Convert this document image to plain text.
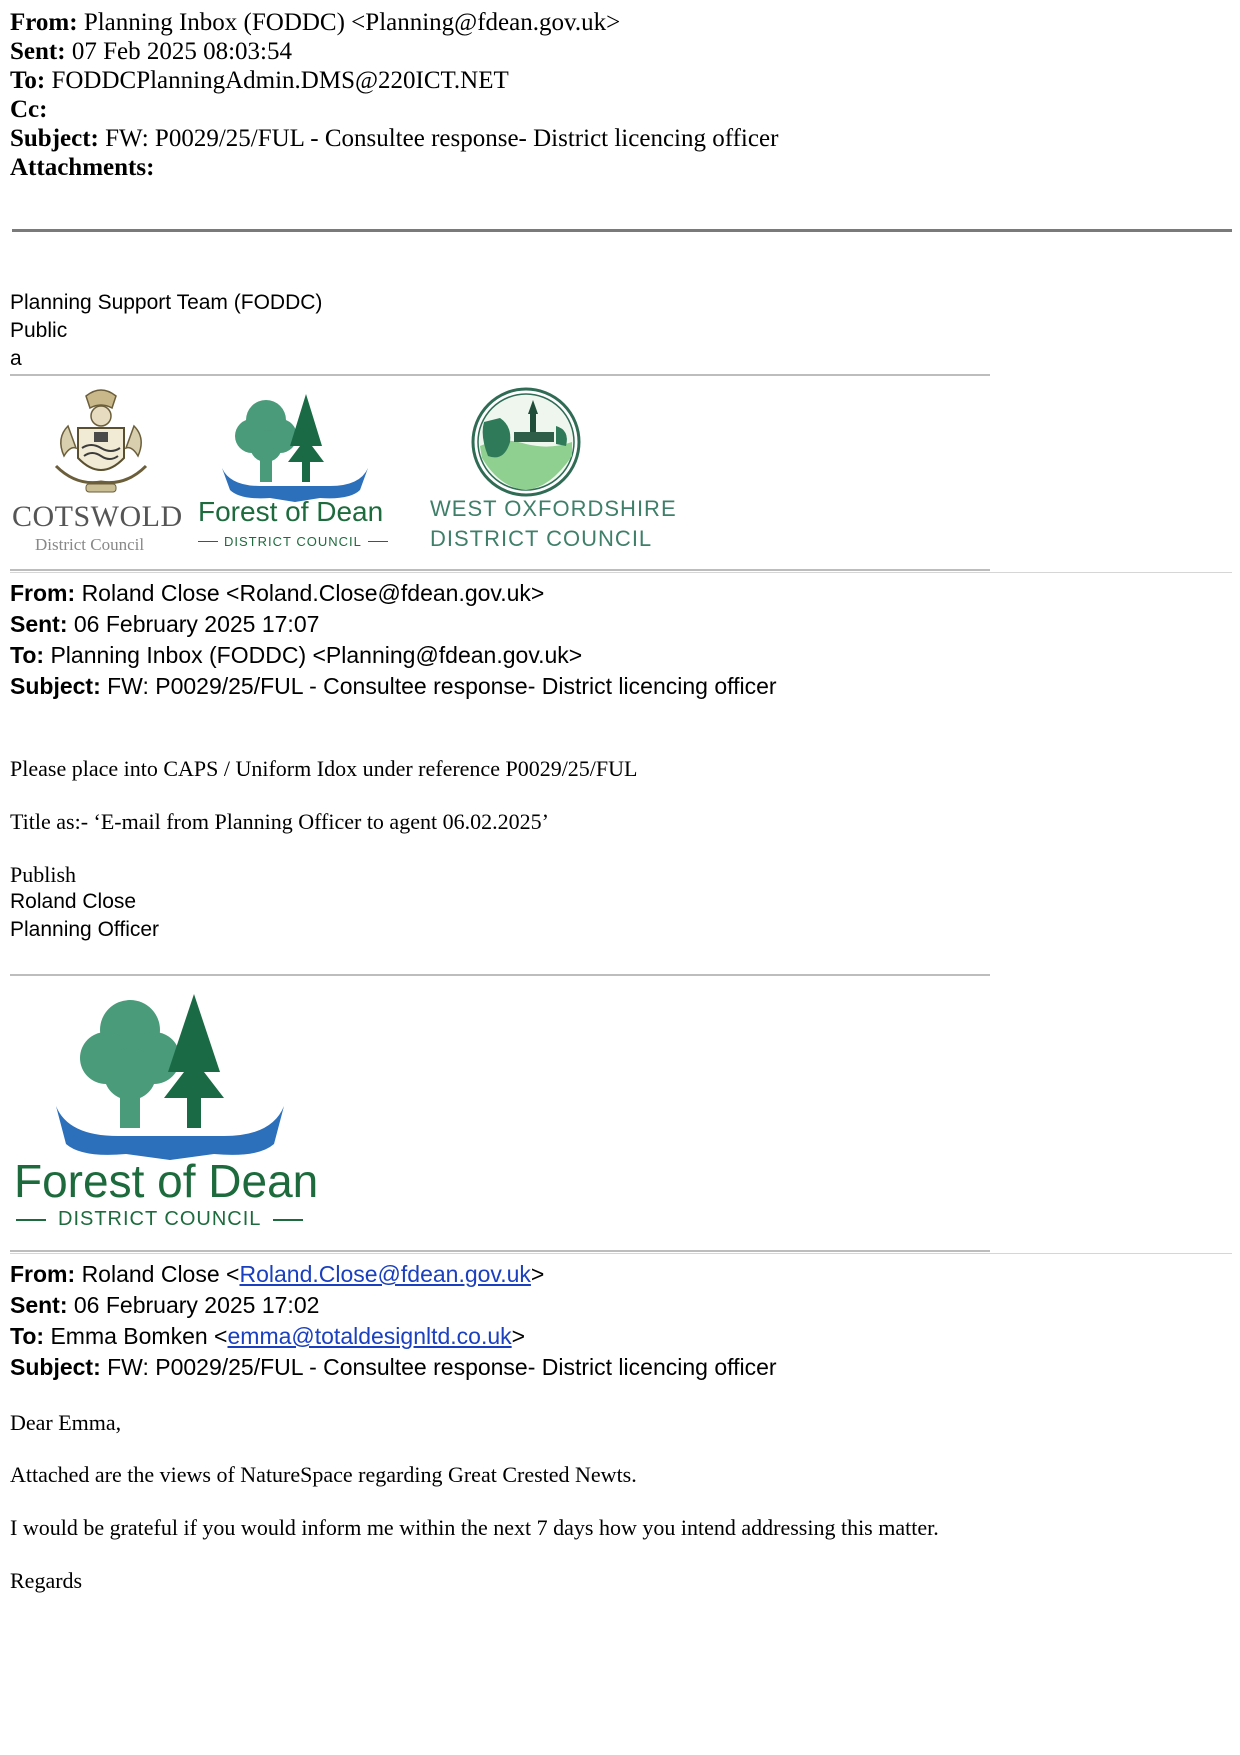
From: Planning Inbox (FODDC) <Planning@fdean.gov.uk>
Sent: 07 Feb 2025 08:03:54
To: FODDCPlanningAdmin.DMS@220ICT.NET
Cc:
Subject: FW: P0029/25/FUL - Consultee response- District licencing officer
Attachments:
Planning Support Team (FODDC)
Public
a
COTSWOLD
District Council
Forest of Dean
DISTRICT COUNCIL
WEST OXFORDSHIRE
DISTRICT COUNCIL
From: Roland Close <Roland.Close@fdean.gov.uk>
Sent: 06 February 2025 17:07
To: Planning Inbox (FODDC) <Planning@fdean.gov.uk>
Subject: FW: P0029/25/FUL - Consultee response- District licencing officer
Please place into CAPS / Uniform Idox under reference P0029/25/FUL
Title as:- ‘E-mail from Planning Officer to agent 06.02.2025’
Publish
Roland Close
Planning Officer
Forest of Dean
DISTRICT COUNCIL
From: Roland Close <Roland.Close@fdean.gov.uk>
Sent: 06 February 2025 17:02
To: Emma Bomken <emma@totaldesignltd.co.uk>
Subject: FW: P0029/25/FUL - Consultee response- District licencing officer
Dear Emma,
Attached are the views of NatureSpace regarding Great Crested Newts.
I would be grateful if you would inform me within the next 7 days how you intend addressing this matter.
Regards
